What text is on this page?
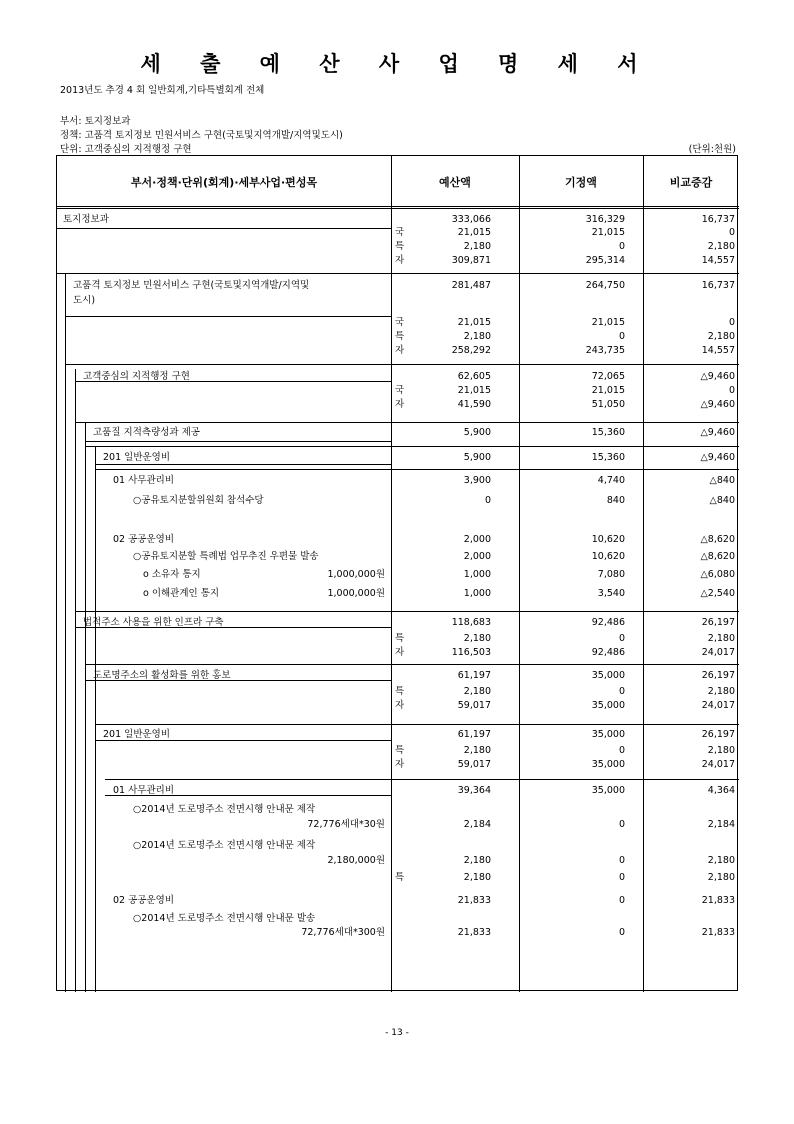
세 출 예 산 사 업 명 세 서
2013년도 추경 4 회 일반회계,기타특별회계 전체
부서: 토지정보과
정책: 고품격 토지정보 민원서비스 구현(국토및지역개발/지역및도시)
단위: 고객중심의 지적행정 구현	(단위:천원)
부서·정책·단위(회계)·세부사업·편성목	예산액	기정액	비교증감
토지정보과	333,066	316,329	16,737
국	21,015	21,015	0
특	2,180	0	2,180
자	309,871	295,314	14,557
고품격 토지정보 민원서비스 구현(국토및지역개발/지역및	281,487	264,750	16,737
도시)
국	21,015	21,015	0
특	2,180	0	2,180
자	258,292	243,735	14,557
고객중심의 지적행정 구현	62,605	72,065	△9,460
국	21,015	21,015	0
자	41,590	51,050	△9,460
고품질 지적측량성과 제공	5,900	15,360	△9,460
201 일반운영비	5,900	15,360	△9,460
01 사무관리비	3,900	4,740	△840
○공유토지분할위원회 참석수당	0	840	△840
02 공공운영비	2,000	10,620	△8,620
○공유토지분할 특례법 업무추진 우편물 발송	2,000	10,620	△8,620
o 소유자 통지	1,000,000원	1,000	7,080	△6,080
o 이해관계인 통지	1,000,000원	1,000	3,540	△2,540
법적주소 사용을 위한 인프라 구축	118,683	92,486	26,197
특	2,180	0	2,180
자	116,503	92,486	24,017
도로명주소의 활성화를 위한 홍보	61,197	35,000	26,197
특	2,180	0	2,180
자	59,017	35,000	24,017
201 일반운영비	61,197	35,000	26,197
특	2,180	0	2,180
자	59,017	35,000	24,017
01 사무관리비	39,364	35,000	4,364
○2014년 도로명주소 전면시행 안내문 제작
72,776세대*30원	2,184	0	2,184
○2014년 도로명주소 전면시행 안내문 제작
2,180,000원	2,180	0	2,180
특	2,180	0	2,180
02 공공운영비	21,833	0	21,833
○2014년 도로명주소 전면시행 안내문 발송
72,776세대*300원	21,833	0	21,833
- 13 -
